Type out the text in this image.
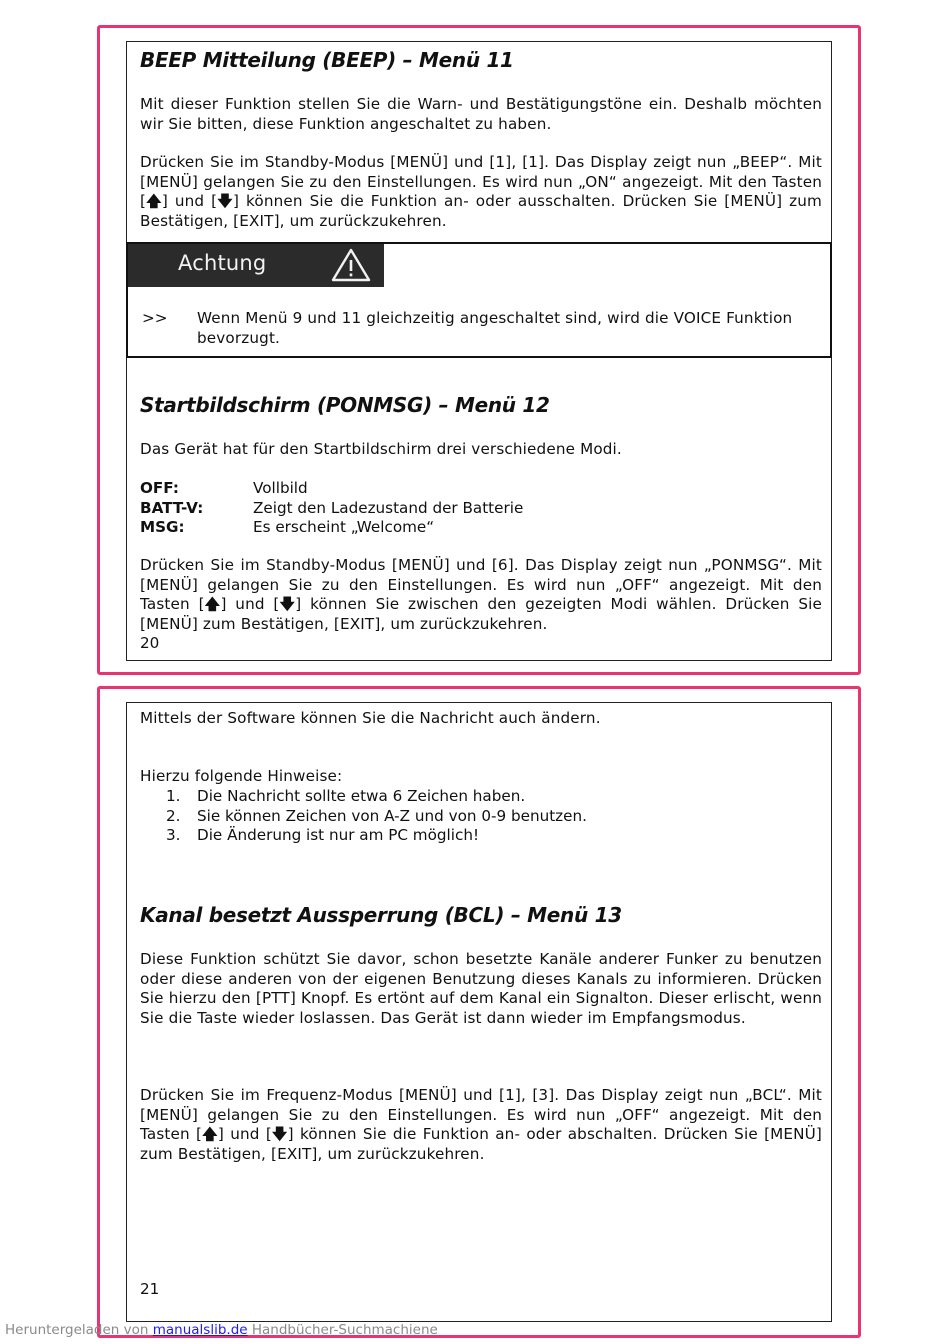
BEEP Mitteilung (BEEP) – Menü 11
Mit dieser Funktion stellen Sie die Warn- und Bestätigungstöne ein. Deshalb möchten wir Sie bitten, diese Funktion angeschaltet zu haben.
Drücken Sie im Standby-Modus [MENÜ] und [1], [1]. Das Display zeigt nun „BEEP“. Mit [MENÜ] gelangen Sie zu den Einstellungen. Es wird nun „ON“ angezeigt. Mit den Tasten [🡅] und [🡇] können Sie die Funktion an- oder ausschalten. Drücken Sie [MENÜ] zum Bestätigen, [EXIT], um zurückzukehren.
Achtung
>> Wenn Menü 9 und 11 gleichzeitig angeschaltet sind, wird die VOICE Funktion bevorzugt.
Startbildschirm (PONMSG) – Menü 12
Das Gerät hat für den Startbildschirm drei verschiedene Modi.
OFF:	Vollbild
BATT-V:	Zeigt den Ladezustand der Batterie
MSG:	Es erscheint „Welcome“
Drücken Sie im Standby-Modus [MENÜ] und [6]. Das Display zeigt nun „PONMSG“. Mit [MENÜ] gelangen Sie zu den Einstellungen. Es wird nun „OFF“ angezeigt. Mit den Tasten [🡅] und [🡇] können Sie zwischen den gezeigten Modi wählen. Drücken Sie [MENÜ] zum Bestätigen, [EXIT], um zurückzukehren.
20
Mittels der Software können Sie die Nachricht auch ändern.
Hierzu folgende Hinweise:
1. Die Nachricht sollte etwa 6 Zeichen haben.
2. Sie können Zeichen von A-Z und von 0-9 benutzen.
3. Die Änderung ist nur am PC möglich!
Kanal besetzt Aussperrung (BCL) – Menü 13
Diese Funktion schützt Sie davor, schon besetzte Kanäle anderer Funker zu benutzen oder diese anderen von der eigenen Benutzung dieses Kanals zu informieren. Drücken Sie hierzu den [PTT] Knopf. Es ertönt auf dem Kanal ein Signalton. Dieser erlischt, wenn Sie die Taste wieder loslassen. Das Gerät ist dann wieder im Empfangsmodus.
Drücken Sie im Frequenz-Modus [MENÜ] und [1], [3]. Das Display zeigt nun „BCL“. Mit [MENÜ] gelangen Sie zu den Einstellungen. Es wird nun „OFF“ angezeigt. Mit den Tasten [🡅] und [🡇] können Sie die Funktion an- oder abschalten. Drücken Sie [MENÜ] zum Bestätigen, [EXIT], um zurückzukehren.
21
Heruntergeladen von manualslib.de Handbücher-Suchmachiene
